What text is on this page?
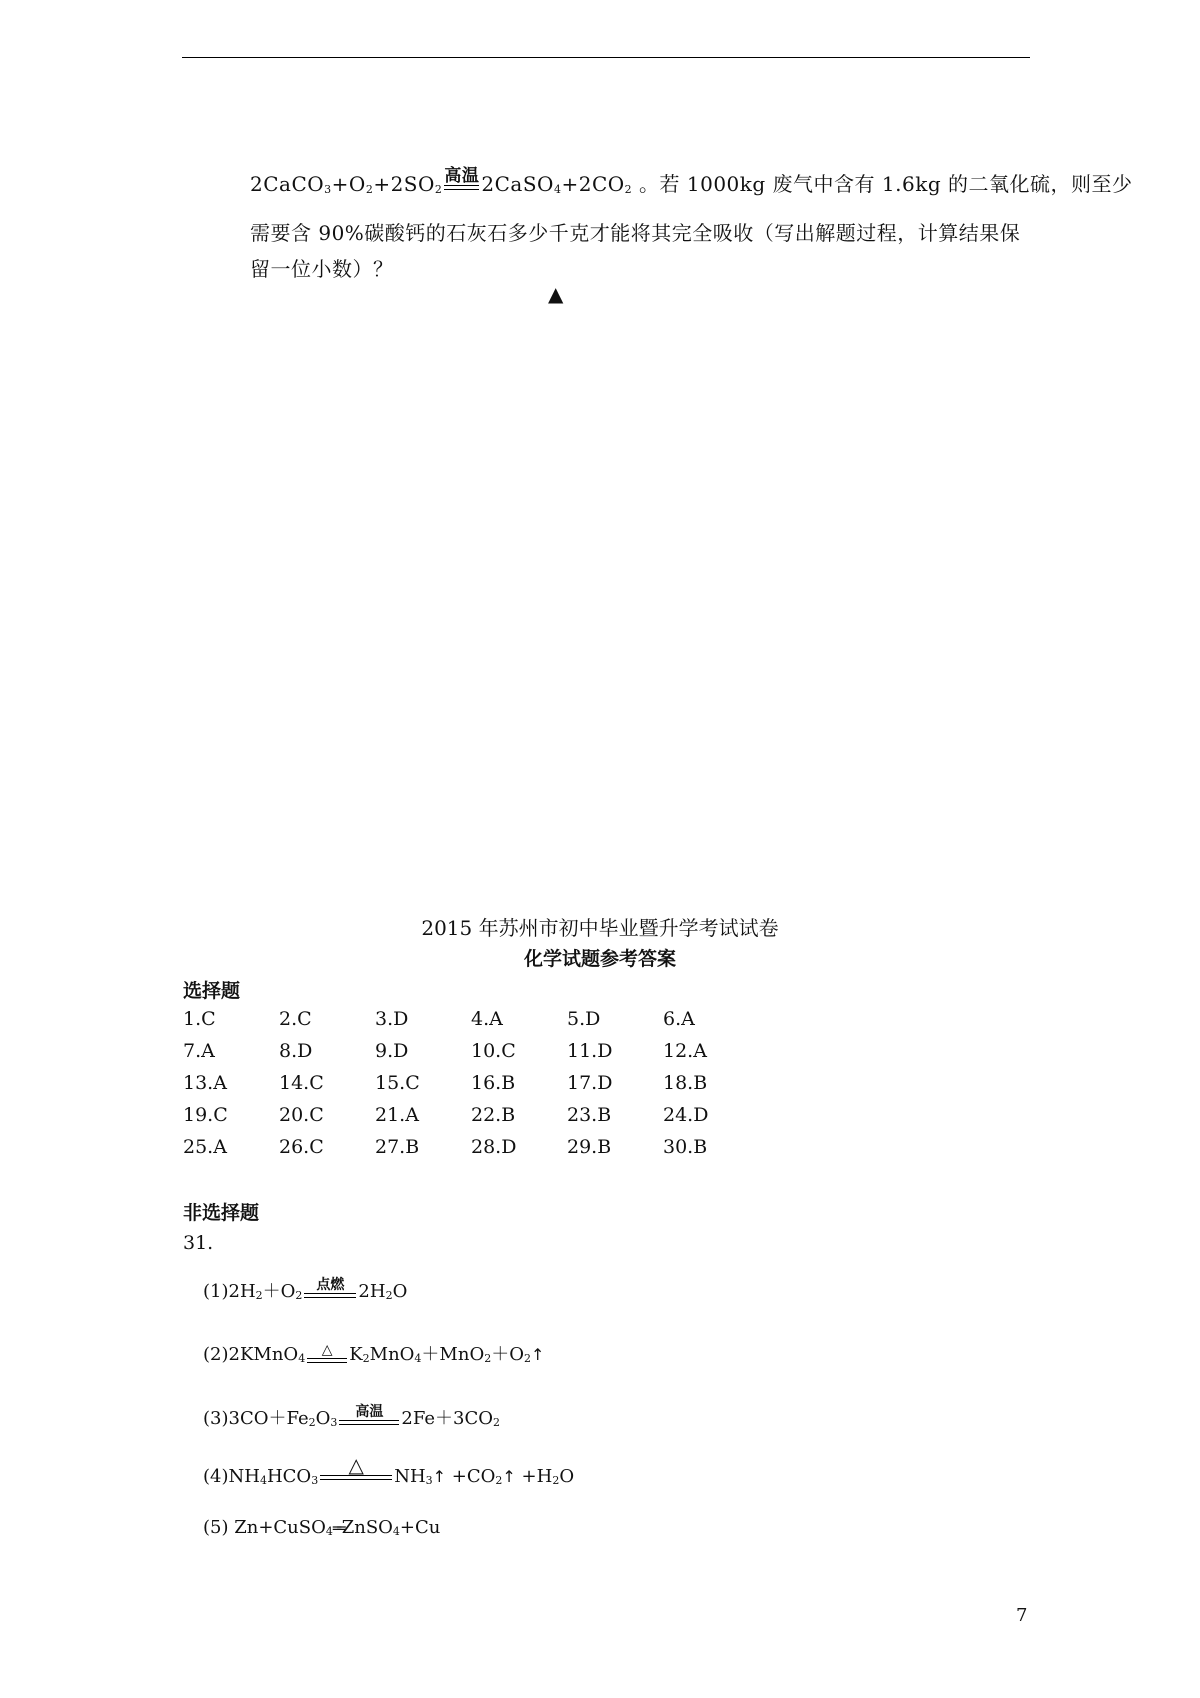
$2CaCO_3+O_2+2SO_2$
高温 $2CaSO_4+2CO_2$ 。若 1000kg 废气中含有 1.6kg 的二氧化硫，则至少
需要含 90%碳酸钙的石灰石多少千克才能将其完全吸收（写出解题过程，计算结果保
留一位小数）？
▲
2015 年苏州市初中毕业暨升学考试试卷
化学试题参考答案
选择题
1.C	2.C	3.D	4.A	5.D	6.A
7.A	8.D	9.D	10.C	11.D	12.A
13.A	14.C	15.C	16.B	17.D	18.B
19.C	20.C	21.A	22.B	23.B	24.D
25.A	26.C	27.B	28.D	29.B	30.B
非选择题
31.
$(1)2H_2+O_2$
点燃 $2H_2O$
(2)2KMnO$_4$
△ $K_2MnO_4+MnO_2+O_2↑$
$(3)3CO+Fe_2O_3$
高温	$2Fe+3CO_2$
$(4)NH_4HCO_3$
△	$NH_3↑$ $+CO_2↑ +H_2O$
(5) Zn+CuSO$_4$══ZnSO$_4$+Cu
7
